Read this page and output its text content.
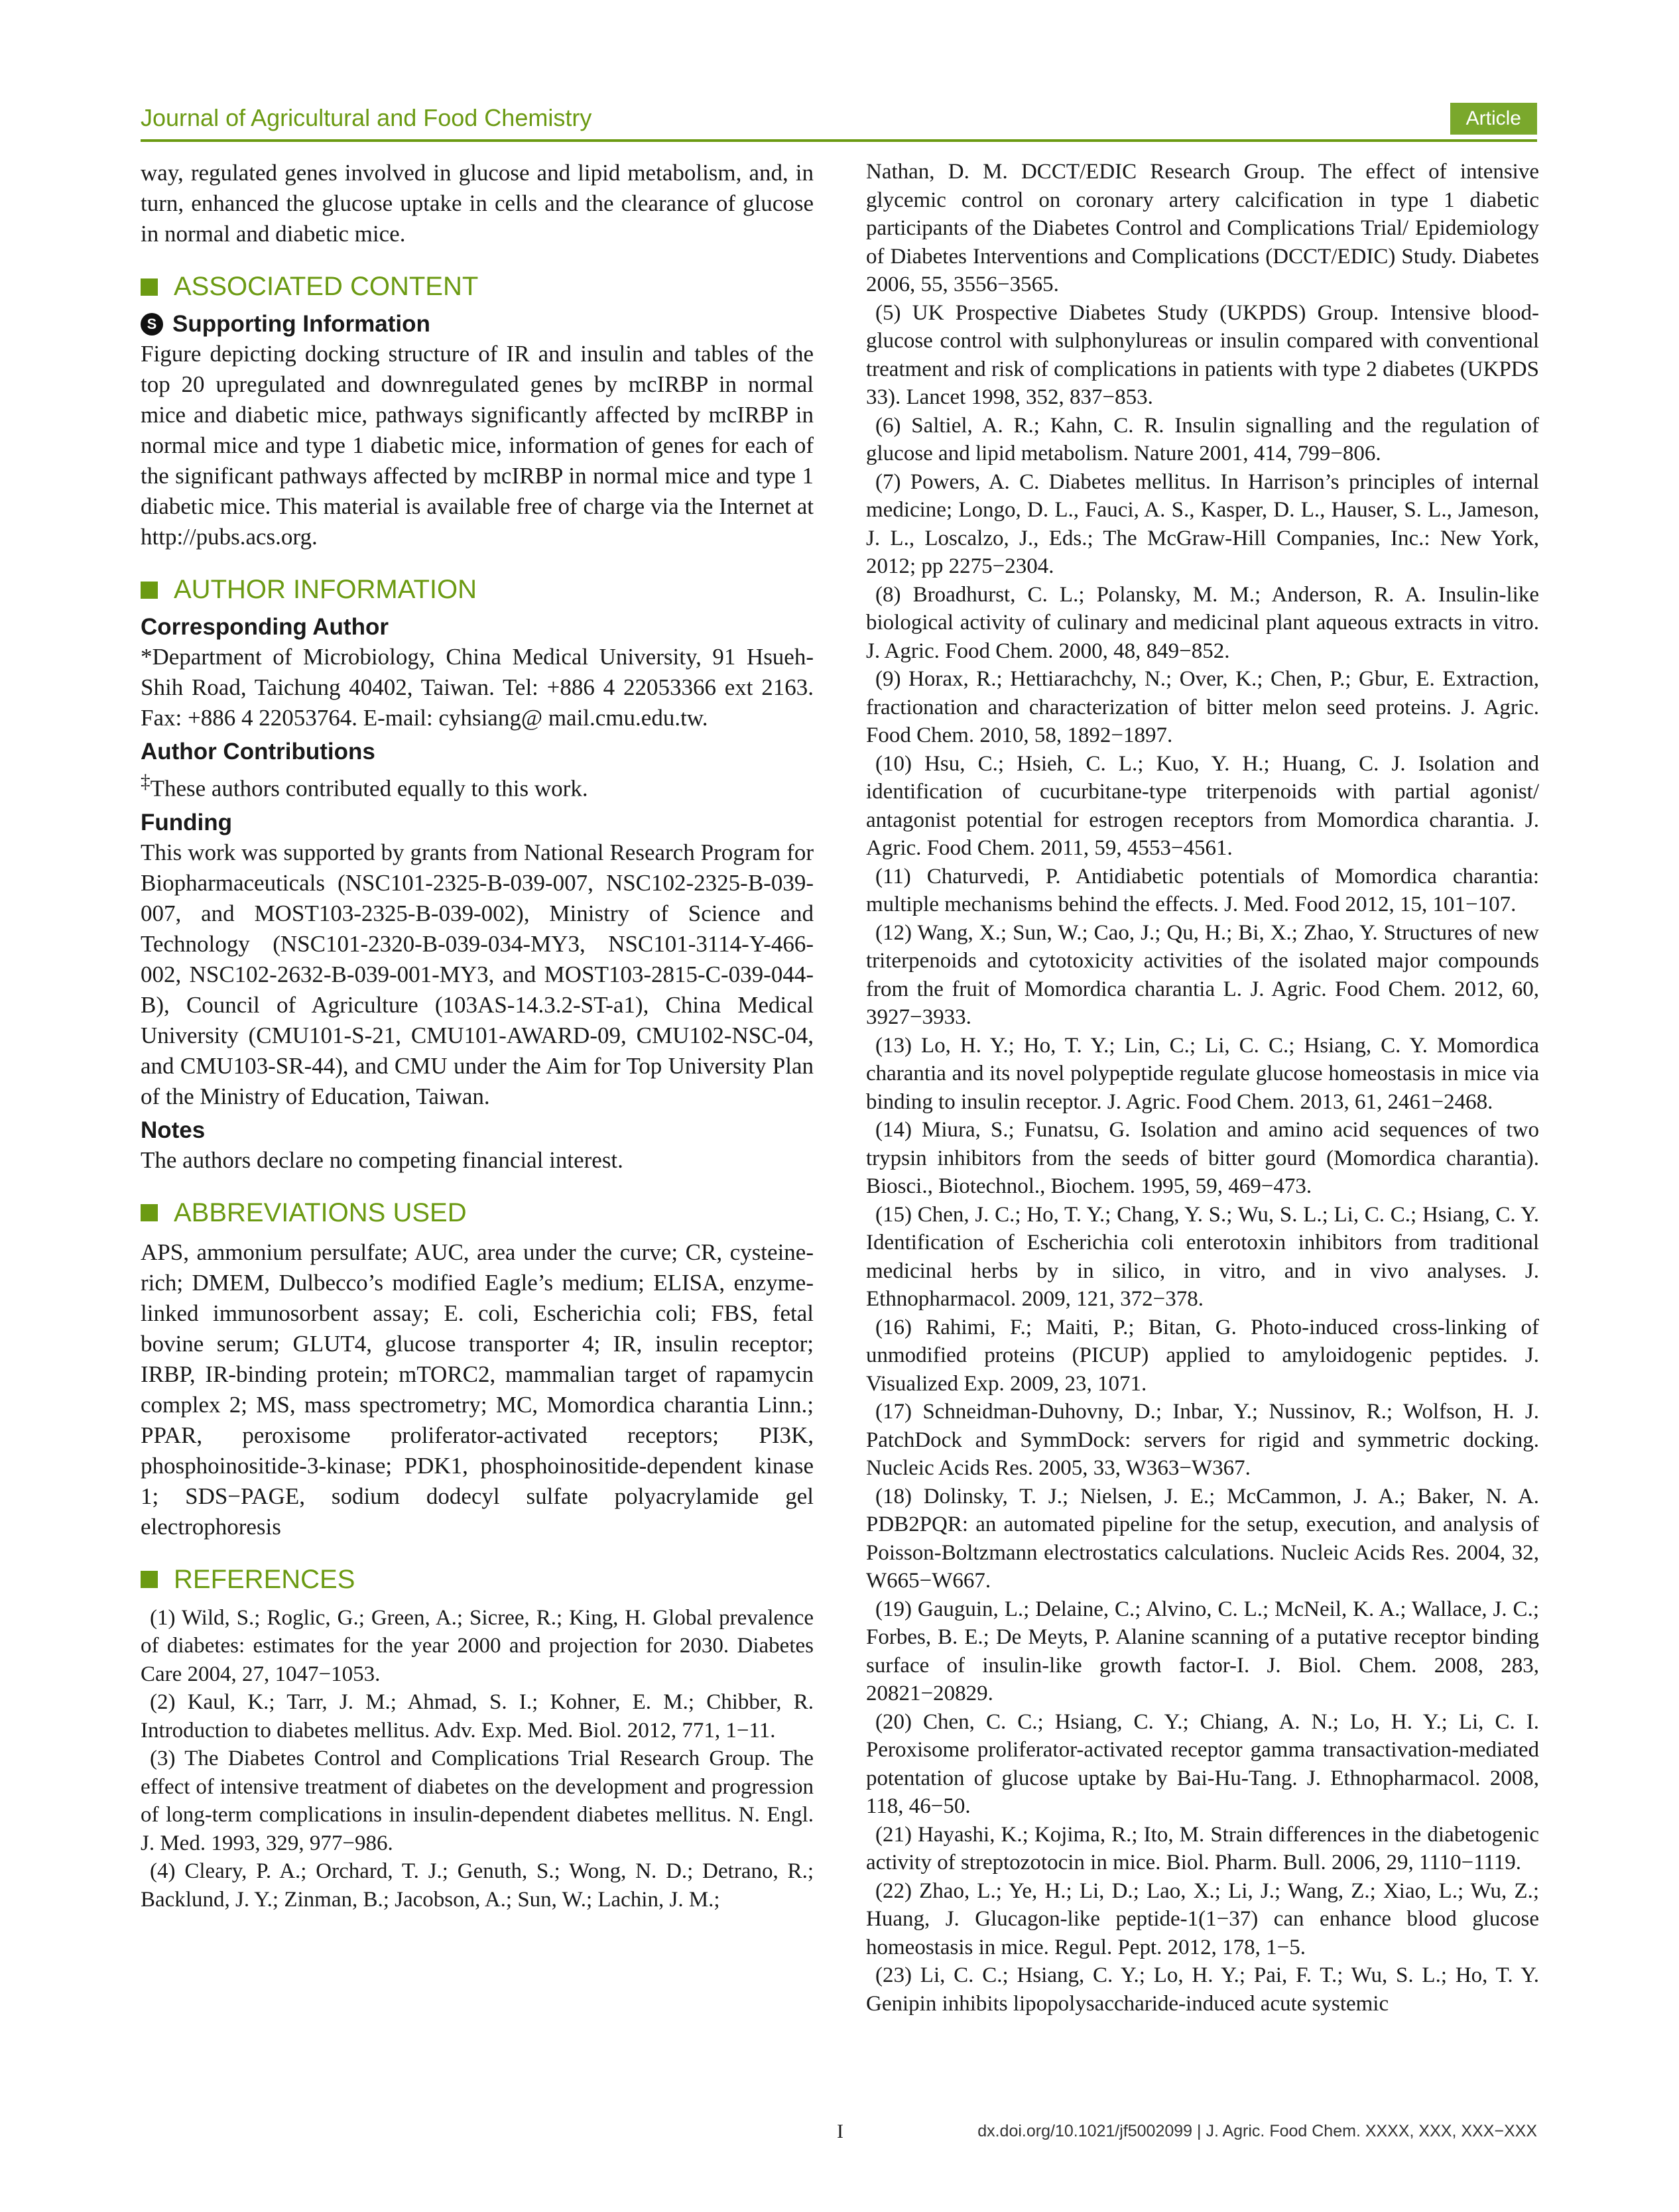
Journal of Agricultural and Food Chemistry	Article

way, regulated genes involved in glucose and lipid metabolism, and, in turn, enhanced the glucose uptake in cells and the clearance of glucose in normal and diabetic mice.

ASSOCIATED CONTENT
S Supporting Information

Figure depicting docking structure of IR and insulin and tables of the top 20 upregulated and downregulated genes by mcIRBP in normal mice and diabetic mice, pathways significantly affected by mcIRBP in normal mice and type 1 diabetic mice, information of genes for each of the significant pathways affected by mcIRBP in normal mice and type 1 diabetic mice. This material is available free of charge via the Internet at http://pubs.acs.org.

AUTHOR INFORMATION
Corresponding Author

*Department of Microbiology, China Medical University, 91 Hsueh-Shih Road, Taichung 40402, Taiwan. Tel: +886 4 22053366 ext 2163. Fax: +886 4 22053764. E-mail: cyhsiang@ mail.cmu.edu.tw.

Author Contributions

‡These authors contributed equally to this work.

Funding

This work was supported by grants from National Research Program for Biopharmaceuticals (NSC101-2325-B-039-007, NSC102-2325-B-039-007, and MOST103-2325-B-039-002), Ministry of Science and Technology (NSC101-2320-B-039-034-MY3, NSC101-3114-Y-466-002, NSC102-2632-B-039-001-MY3, and MOST103-2815-C-039-044-B), Council of Agriculture (103AS-14.3.2-ST-a1), China Medical University (CMU101-S-21, CMU101-AWARD-09, CMU102-NSC-04, and CMU103-SR-44), and CMU under the Aim for Top University Plan of the Ministry of Education, Taiwan.

Notes

The authors declare no competing financial interest.

ABBREVIATIONS USED

APS, ammonium persulfate; AUC, area under the curve; CR, cysteine-rich; DMEM, Dulbecco’s modified Eagle’s medium; ELISA, enzyme-linked immunosorbent assay; E. coli, Escherichia coli; FBS, fetal bovine serum; GLUT4, glucose transporter 4; IR, insulin receptor; IRBP, IR-binding protein; mTORC2, mammalian target of rapamycin complex 2; MS, mass spectrometry; MC, Momordica charantia Linn.; PPAR, peroxisome proliferator-activated receptors; PI3K, phosphoinositide-3-kinase; PDK1, phosphoinositide-dependent kinase 1; SDS−PAGE, sodium dodecyl sulfate polyacrylamide gel electrophoresis

REFERENCES

(1) Wild, S.; Roglic, G.; Green, A.; Sicree, R.; King, H. Global prevalence of diabetes: estimates for the year 2000 and projection for 2030. Diabetes Care 2004, 27, 1047−1053.

(2) Kaul, K.; Tarr, J. M.; Ahmad, S. I.; Kohner, E. M.; Chibber, R. Introduction to diabetes mellitus. Adv. Exp. Med. Biol. 2012, 771, 1−11.

(3) The Diabetes Control and Complications Trial Research Group. The effect of intensive treatment of diabetes on the development and progression of long-term complications in insulin-dependent diabetes mellitus. N. Engl. J. Med. 1993, 329, 977−986.

(4) Cleary, P. A.; Orchard, T. J.; Genuth, S.; Wong, N. D.; Detrano, R.; Backlund, J. Y.; Zinman, B.; Jacobson, A.; Sun, W.; Lachin, J. M.;

Nathan, D. M. DCCT/EDIC Research Group. The effect of intensive glycemic control on coronary artery calcification in type 1 diabetic participants of the Diabetes Control and Complications Trial/ Epidemiology of Diabetes Interventions and Complications (DCCT/EDIC) Study. Diabetes 2006, 55, 3556−3565.

(5) UK Prospective Diabetes Study (UKPDS) Group. Intensive blood-glucose control with sulphonylureas or insulin compared with conventional treatment and risk of complications in patients with type 2 diabetes (UKPDS 33). Lancet 1998, 352, 837−853.

(6) Saltiel, A. R.; Kahn, C. R. Insulin signalling and the regulation of glucose and lipid metabolism. Nature 2001, 414, 799−806.

(7) Powers, A. C. Diabetes mellitus. In Harrison’s principles of internal medicine; Longo, D. L., Fauci, A. S., Kasper, D. L., Hauser, S. L., Jameson, J. L., Loscalzo, J., Eds.; The McGraw-Hill Companies, Inc.: New York, 2012; pp 2275−2304.

(8) Broadhurst, C. L.; Polansky, M. M.; Anderson, R. A. Insulin-like biological activity of culinary and medicinal plant aqueous extracts in vitro. J. Agric. Food Chem. 2000, 48, 849−852.

(9) Horax, R.; Hettiarachchy, N.; Over, K.; Chen, P.; Gbur, E. Extraction, fractionation and characterization of bitter melon seed proteins. J. Agric. Food Chem. 2010, 58, 1892−1897.

(10) Hsu, C.; Hsieh, C. L.; Kuo, Y. H.; Huang, C. J. Isolation and identification of cucurbitane-type triterpenoids with partial agonist/ antagonist potential for estrogen receptors from Momordica charantia. J. Agric. Food Chem. 2011, 59, 4553−4561.

(11) Chaturvedi, P. Antidiabetic potentials of Momordica charantia: multiple mechanisms behind the effects. J. Med. Food 2012, 15, 101−107.

(12) Wang, X.; Sun, W.; Cao, J.; Qu, H.; Bi, X.; Zhao, Y. Structures of new triterpenoids and cytotoxicity activities of the isolated major compounds from the fruit of Momordica charantia L. J. Agric. Food Chem. 2012, 60, 3927−3933.

(13) Lo, H. Y.; Ho, T. Y.; Lin, C.; Li, C. C.; Hsiang, C. Y. Momordica charantia and its novel polypeptide regulate glucose homeostasis in mice via binding to insulin receptor. J. Agric. Food Chem. 2013, 61, 2461−2468.

(14) Miura, S.; Funatsu, G. Isolation and amino acid sequences of two trypsin inhibitors from the seeds of bitter gourd (Momordica charantia). Biosci., Biotechnol., Biochem. 1995, 59, 469−473.

(15) Chen, J. C.; Ho, T. Y.; Chang, Y. S.; Wu, S. L.; Li, C. C.; Hsiang, C. Y. Identification of Escherichia coli enterotoxin inhibitors from traditional medicinal herbs by in silico, in vitro, and in vivo analyses. J. Ethnopharmacol. 2009, 121, 372−378.

(16) Rahimi, F.; Maiti, P.; Bitan, G. Photo-induced cross-linking of unmodified proteins (PICUP) applied to amyloidogenic peptides. J. Visualized Exp. 2009, 23, 1071.

(17) Schneidman-Duhovny, D.; Inbar, Y.; Nussinov, R.; Wolfson, H. J. PatchDock and SymmDock: servers for rigid and symmetric docking. Nucleic Acids Res. 2005, 33, W363−W367.

(18) Dolinsky, T. J.; Nielsen, J. E.; McCammon, J. A.; Baker, N. A. PDB2PQR: an automated pipeline for the setup, execution, and analysis of Poisson-Boltzmann electrostatics calculations. Nucleic Acids Res. 2004, 32, W665−W667.

(19) Gauguin, L.; Delaine, C.; Alvino, C. L.; McNeil, K. A.; Wallace, J. C.; Forbes, B. E.; De Meyts, P. Alanine scanning of a putative receptor binding surface of insulin-like growth factor-I. J. Biol. Chem. 2008, 283, 20821−20829.

(20) Chen, C. C.; Hsiang, C. Y.; Chiang, A. N.; Lo, H. Y.; Li, C. I. Peroxisome proliferator-activated receptor gamma transactivation-mediated potentation of glucose uptake by Bai-Hu-Tang. J. Ethnopharmacol. 2008, 118, 46−50.

(21) Hayashi, K.; Kojima, R.; Ito, M. Strain differences in the diabetogenic activity of streptozotocin in mice. Biol. Pharm. Bull. 2006, 29, 1110−1119.

(22) Zhao, L.; Ye, H.; Li, D.; Lao, X.; Li, J.; Wang, Z.; Xiao, L.; Wu, Z.; Huang, J. Glucagon-like peptide-1(1−37) can enhance blood glucose homeostasis in mice. Regul. Pept. 2012, 178, 1−5.

(23) Li, C. C.; Hsiang, C. Y.; Lo, H. Y.; Pai, F. T.; Wu, S. L.; Ho, T. Y. Genipin inhibits lipopolysaccharide-induced acute systemic

I	dx.doi.org/10.1021/jf5002099 | J. Agric. Food Chem. XXXX, XXX, XXX−XXX
